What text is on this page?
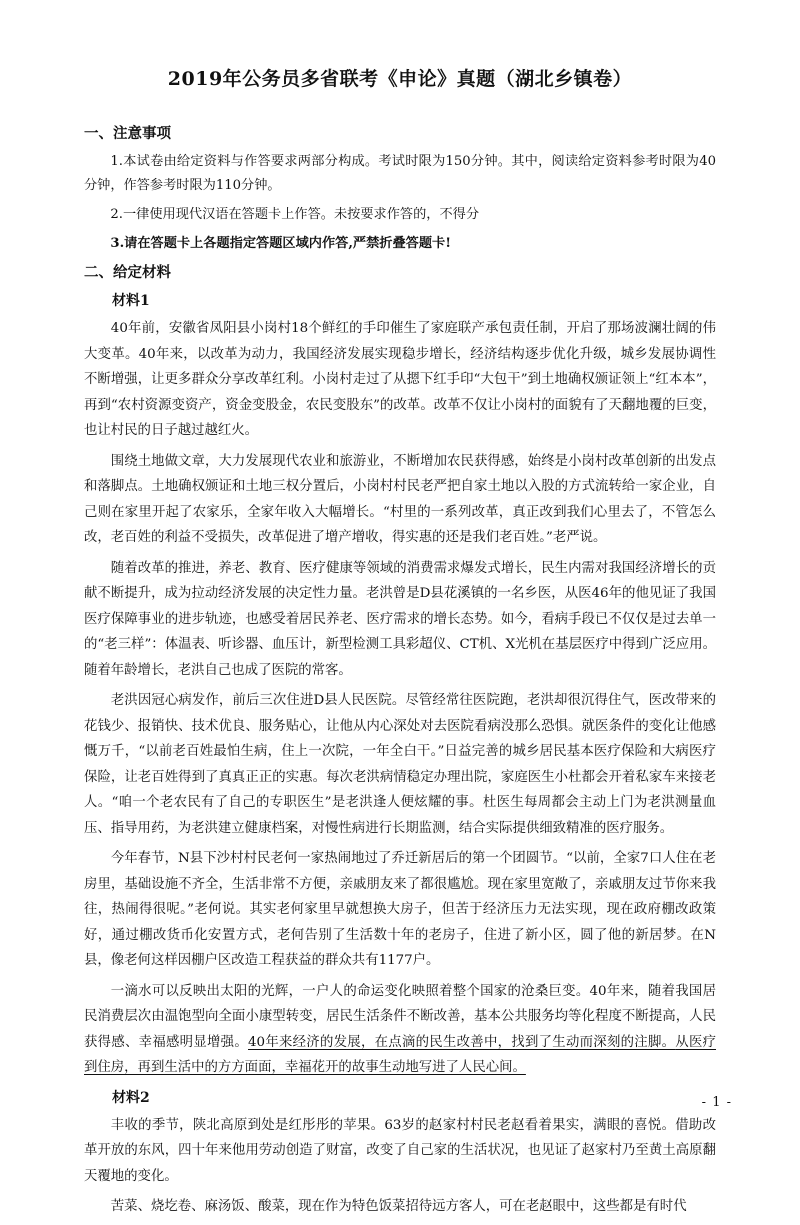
2019年公务员多省联考《申论》真题（湖北乡镇卷）
一、注意事项

1.本试卷由给定资料与作答要求两部分构成。考试时限为150分钟。其中，阅读给定资料参考时限为40分钟，作答参考时限为110分钟。

2.一律使用现代汉语在答题卡上作答。未按要求作答的，不得分

3.请在答题卡上各题指定答题区域内作答,严禁折叠答题卡!

二、给定材料
材料1

40年前，安徽省凤阳县小岗村18个鲜红的手印催生了家庭联产承包责任制，开启了那场波澜壮阔的伟大变革。40年来，以改革为动力，我国经济发展实现稳步增长，经济结构逐步优化升级，城乡发展协调性不断增强，让更多群众分享改革红利。小岗村走过了从摁下红手印“大包干”到土地确权颁证领上“红本本”，再到“农村资源变资产，资金变股金，农民变股东”的改革。改革不仅让小岗村的面貌有了天翻地覆的巨变，也让村民的日子越过越红火。

围绕土地做文章，大力发展现代农业和旅游业，不断增加农民获得感，始终是小岗村改革创新的出发点和落脚点。土地确权颁证和土地三权分置后，小岗村村民老严把自家土地以入股的方式流转给一家企业，自己则在家里开起了农家乐，全家年收入大幅增长。“村里的一系列改革，真正改到我们心里去了，不管怎么改，老百姓的利益不受损失，改革促进了增产增收，得实惠的还是我们老百姓。”老严说。

随着改革的推进，养老、教育、医疗健康等领域的消费需求爆发式增长，民生内需对我国经济增长的贡献不断提升，成为拉动经济发展的决定性力量。老洪曾是D县花溪镇的一名乡医，从医46年的他见证了我国医疗保障事业的进步轨迹，也感受着居民养老、医疗需求的增长态势。如今，看病手段已不仅仅是过去单一的“老三样”：体温表、听诊器、血压计，新型检测工具彩超仪、CT机、X光机在基层医疗中得到广泛应用。随着年龄增长，老洪自己也成了医院的常客。

老洪因冠心病发作，前后三次住进D县人民医院。尽管经常往医院跑，老洪却很沉得住气，医改带来的花钱少、报销快、技术优良、服务贴心，让他从内心深处对去医院看病没那么恐惧。就医条件的变化让他感慨万千，“以前老百姓最怕生病，住上一次院，一年全白干。”日益完善的城乡居民基本医疗保险和大病医疗保险，让老百姓得到了真真正正的实惠。每次老洪病情稳定办理出院，家庭医生小杜都会开着私家车来接老人。“咱一个老农民有了自己的专职医生”是老洪逢人便炫耀的事。杜医生每周都会主动上门为老洪测量血压、指导用药，为老洪建立健康档案，对慢性病进行长期监测，结合实际提供细致精准的医疗服务。

今年春节，N县下沙村村民老何一家热闹地过了乔迁新居后的第一个团圆节。“以前，全家7口人住在老房里，基础设施不齐全，生活非常不方便，亲戚朋友来了都很尴尬。现在家里宽敞了，亲戚朋友过节你来我往，热闹得很呢。”老何说。其实老何家里早就想换大房子，但苦于经济压力无法实现，现在政府棚改政策好，通过棚改货币化安置方式，老何告别了生活数十年的老房子，住进了新小区，圆了他的新居梦。在N县，像老何这样因棚户区改造工程获益的群众共有1177户。

一滴水可以反映出太阳的光辉，一户人的命运变化映照着整个国家的沧桑巨变。40年来，随着我国居民消费层次由温饱型向全面小康型转变，居民生活条件不断改善，基本公共服务均等化程度不断提高，人民获得感、幸福感明显增强。40年来经济的发展，在点滴的民生改善中，找到了生动而深刻的注脚。从医疗到住房，再到生活中的方方面面，幸福花开的故事生动地写进了人民心间。

材料2

丰收的季节，陕北高原到处是红彤彤的苹果。63岁的赵家村村民老赵看着果实，满眼的喜悦。借助改革开放的东风，四十年来他用劳动创造了财富，改变了自己家的生活状况，也见证了赵家村乃至黄土高原翻天覆地的变化。

苦菜、烧圪卷、麻汤饭、酸菜，现在作为特色饭菜招待远方客人，可在老赵眼中，这些都是有时代

- 1 -
